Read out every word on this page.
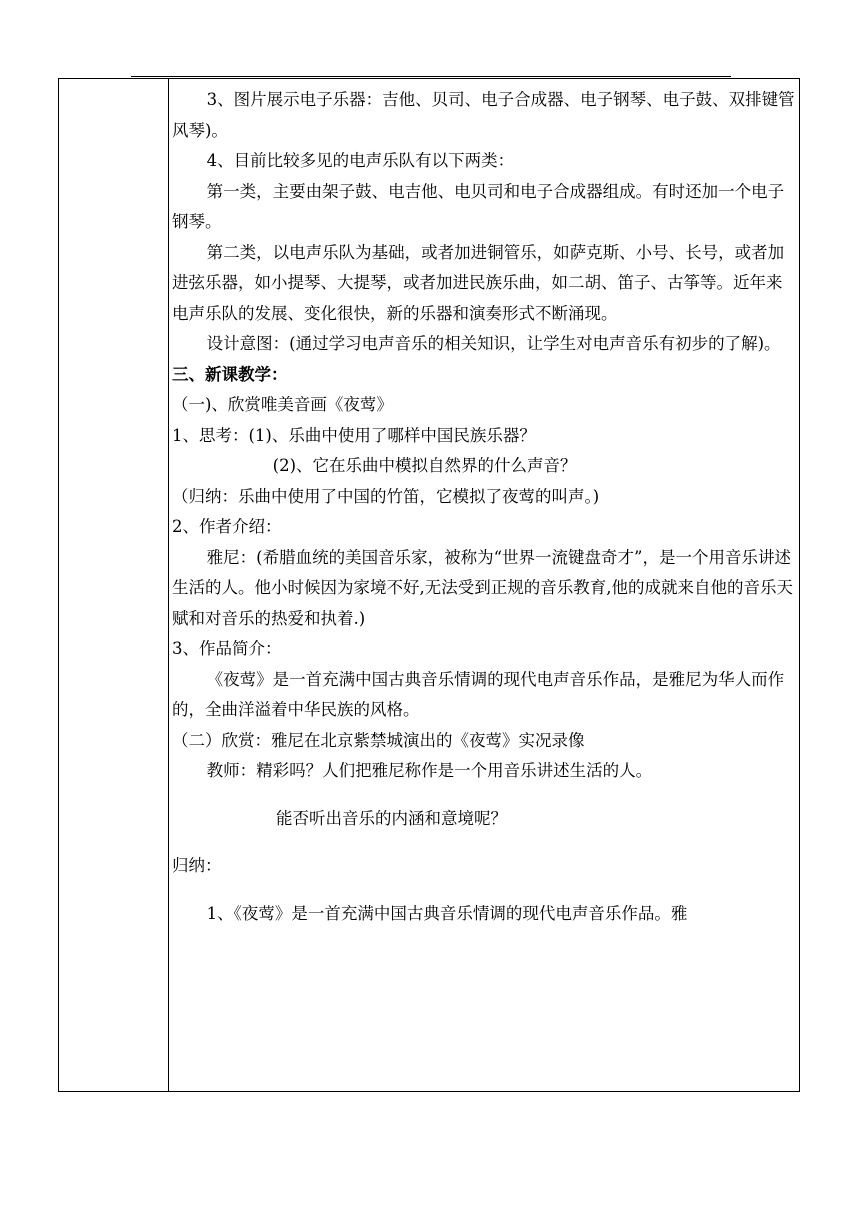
3、图片展示电子乐器：吉他、贝司、电子合成器、电子钢琴、电子鼓、双排键管风琴)。

4、目前比较多见的电声乐队有以下两类：

第一类，主要由架子鼓、电吉他、电贝司和电子合成器组成。有时还加一个电子钢琴。

第二类，以电声乐队为基础，或者加进铜管乐，如萨克斯、小号、长号，或者加进弦乐器，如小提琴、大提琴，或者加进民族乐曲，如二胡、笛子、古筝等。近年来电声乐队的发展、变化很快，新的乐器和演奏形式不断涌现。

设计意图：(通过学习电声音乐的相关知识，让学生对电声音乐有初步的了解)。

三、新课教学：

（一)、欣赏唯美音画《夜莺》

1、思考：(1)、乐曲中使用了哪样中国民族乐器？

(2)、它在乐曲中模拟自然界的什么声音？

（归纳：乐曲中使用了中国的竹笛，它模拟了夜莺的叫声。)

2、作者介绍：

雅尼：(希腊血统的美国音乐家，被称为“世界一流键盘奇才”，是一个用音乐讲述生活的人。他小时候因为家境不好,无法受到正规的音乐教育,他的成就来自他的音乐天赋和对音乐的热爱和执着.)

3、作品简介：

《夜莺》是一首充满中国古典音乐情调的现代电声音乐作品，是雅尼为华人而作的，全曲洋溢着中华民族的风格。

（二）欣赏：雅尼在北京紫禁城演出的《夜莺》实况录像

教师：精彩吗？人们把雅尼称作是一个用音乐讲述生活的人。

能否听出音乐的内涵和意境呢？

归纳：

1、《夜莺》是一首充满中国古典音乐情调的现代电声音乐作品。雅
